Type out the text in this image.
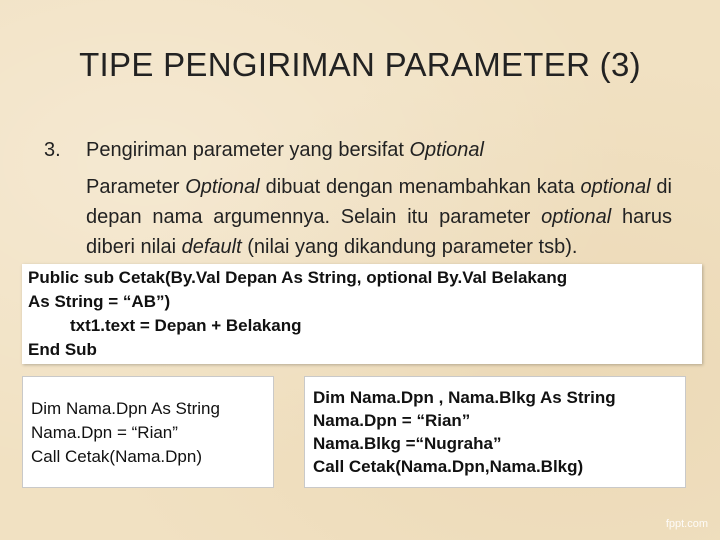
TIPE PENGIRIMAN PARAMETER (3)
3. Pengiriman parameter yang bersifat Optional
Parameter Optional dibuat dengan menambahkan kata optional di depan nama argumennya. Selain itu parameter optional harus diberi nilai default (nilai yang dikandung parameter tsb).
Public sub Cetak(By.Val Depan As String, optional By.Val Belakang
As String = “AB”)
txt1.text = Depan + Belakang
End Sub
Dim Nama.Dpn As String
Nama.Dpn = “Rian”
Call Cetak(Nama.Dpn)
Dim Nama.Dpn , Nama.Blkg As String
Nama.Dpn = “Rian”
Nama.Blkg =“Nugraha”
Call Cetak(Nama.Dpn,Nama.Blkg)
fppt.com
